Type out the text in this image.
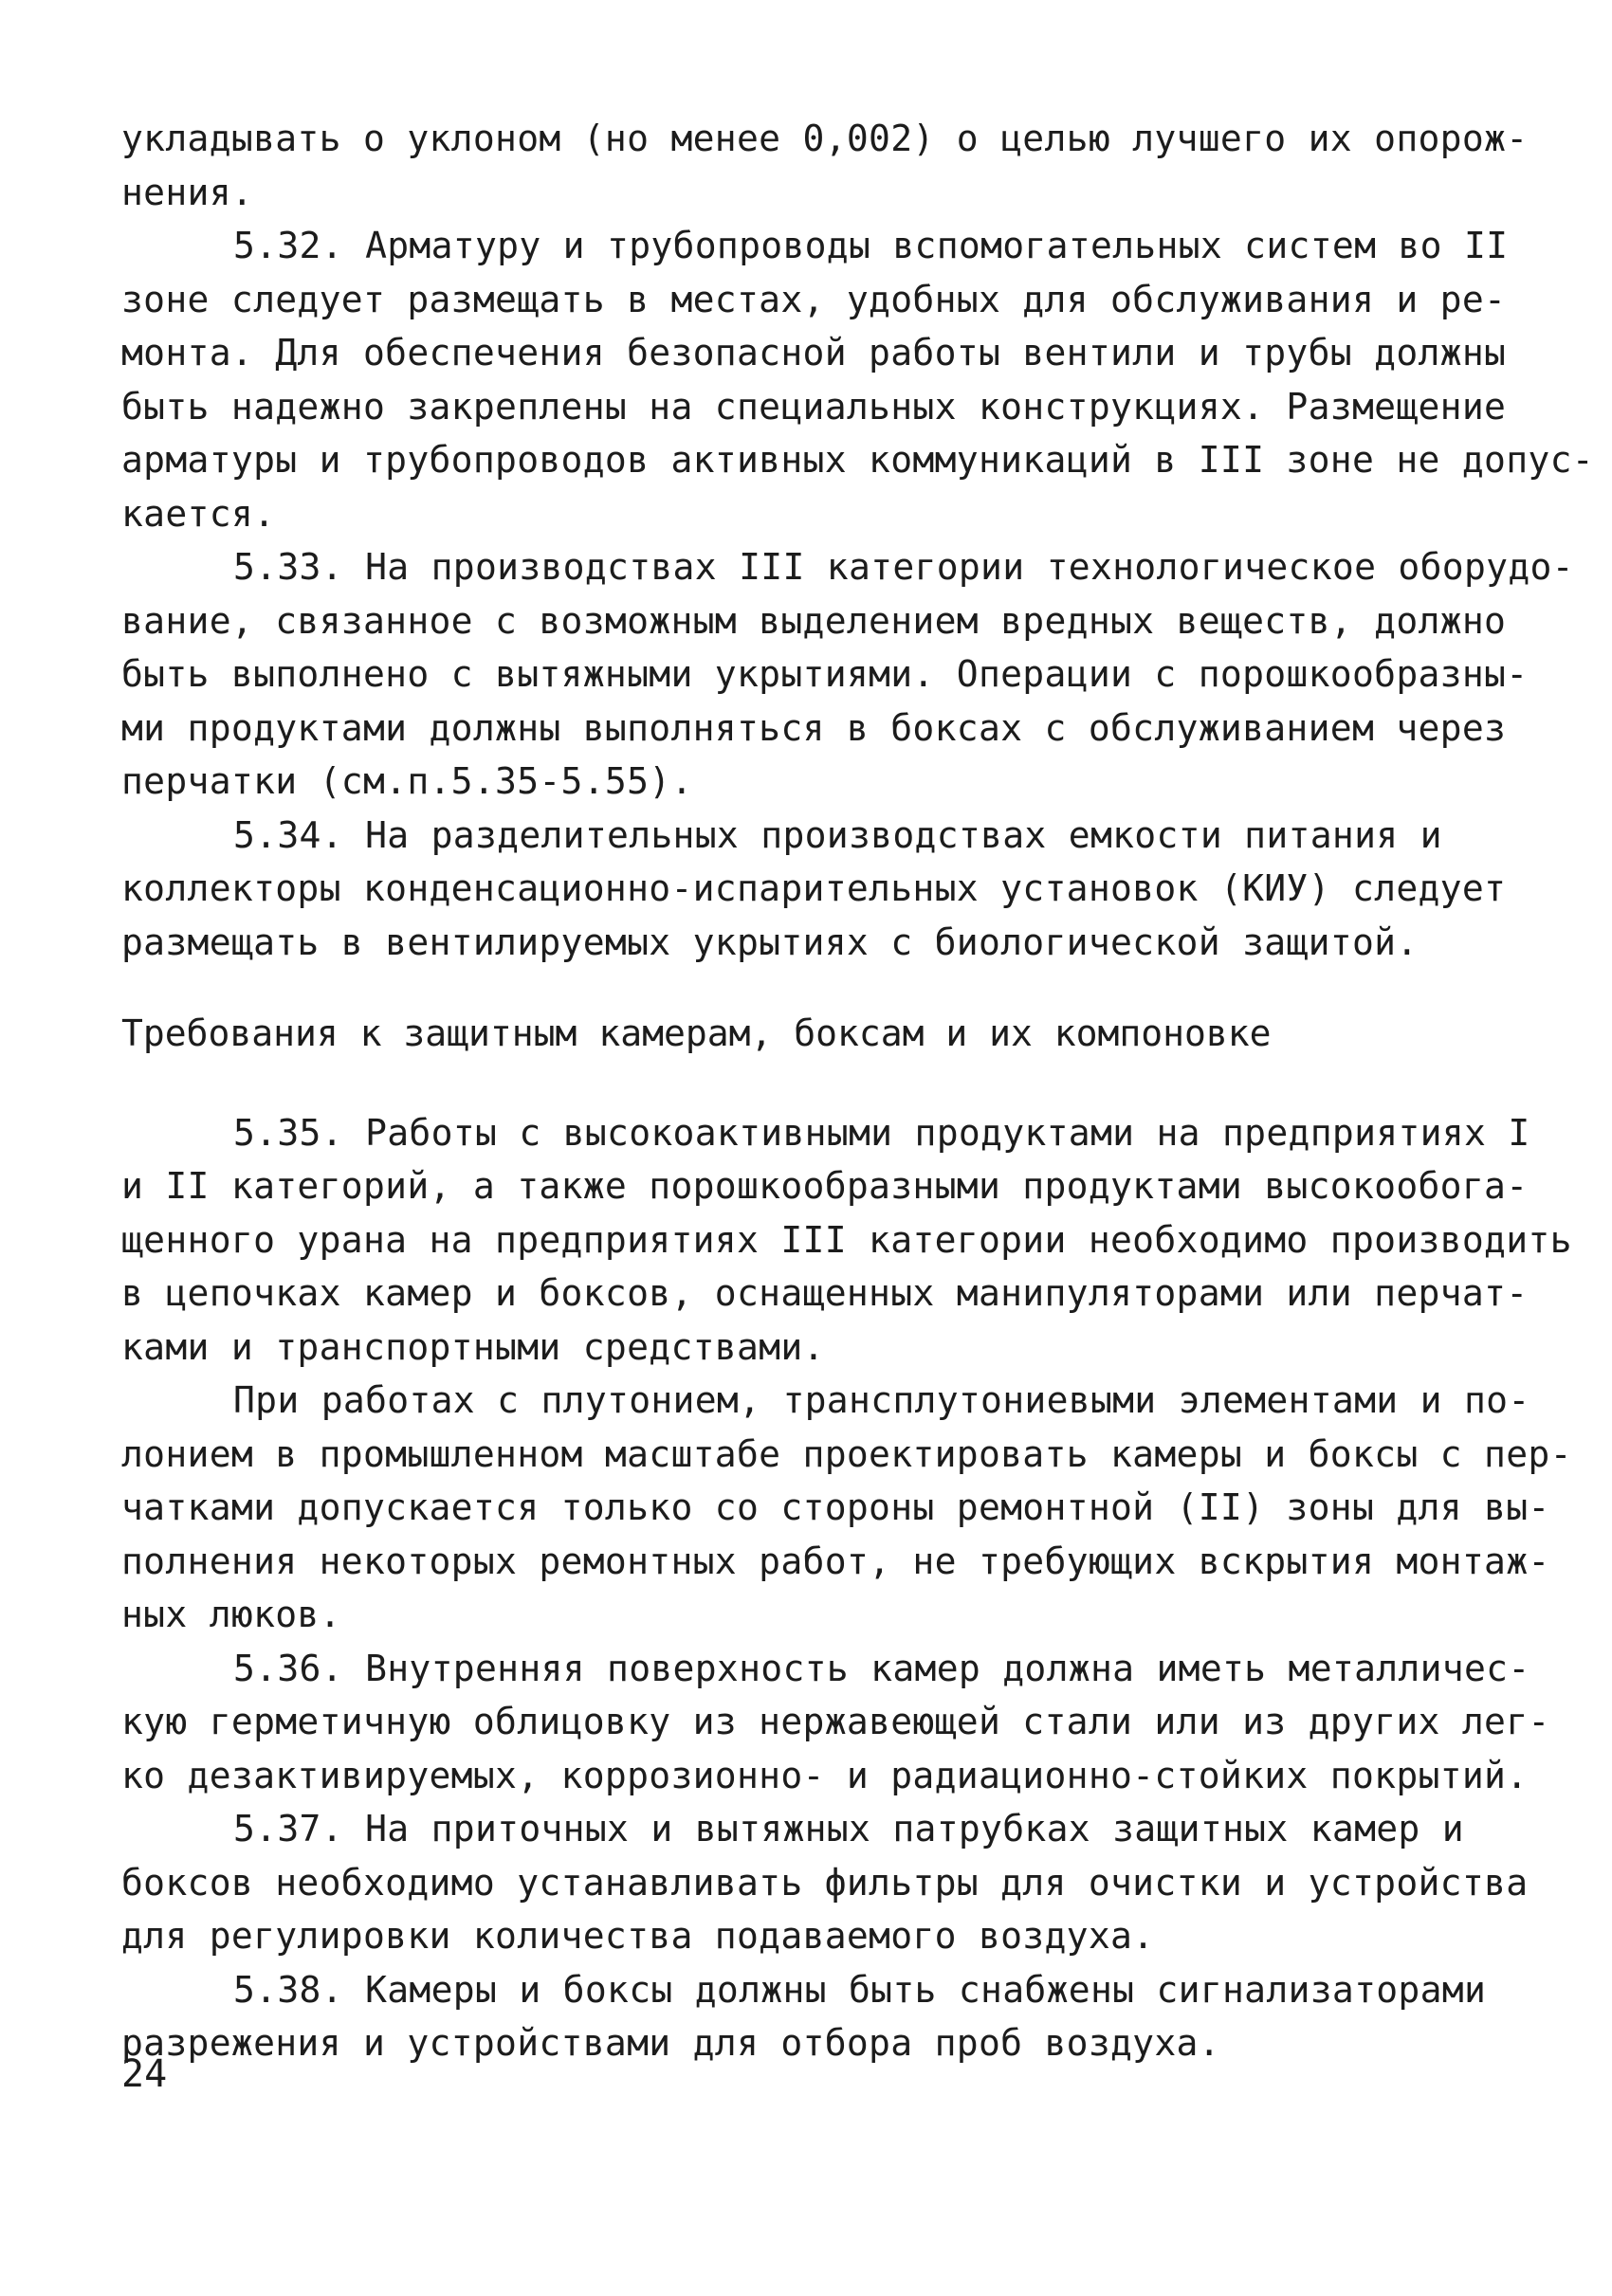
укладывать о уклоном (но менее 0,002) о целью лучшего их опорож-
нения.
5.32. Арматуру и трубопроводы вспомогательных систем во II
зоне следует размещать в местах, удобных для обслуживания и ре-
монта. Для обеспечения безопасной работы вентили и трубы должны
быть надежно закреплены на специальных конструкциях. Размещение
арматуры и трубопроводов активных коммуникаций в III зоне не допус-
кается.
5.33. На производствах III категории технологическое оборудо-
вание, связанное с возможным выделением вредных веществ, должно
быть выполнено с вытяжными укрытиями. Операции с порошкообразны-
ми продуктами должны выполняться в боксах с обслуживанием через
перчатки (см.п.5.35-5.55).
5.34. На разделительных производствах емкости питания и
коллекторы конденсационно-испарительных установок (КИУ) следует
размещать в вентилируемых укрытиях с биологической защитой.
Требования к защитным камерам, боксам и их компоновке
5.35. Работы с высокоактивными продуктами на предприятиях I
и II категорий, а также порошкообразными продуктами высокообога-
щенного урана на предприятиях III категории необходимо производить
в цепочках камер и боксов, оснащенных манипуляторами или перчат-
ками и транспортными средствами.
При работах с плутонием, трансплутониевыми элементами и по-
лонием в промышленном масштабе проектировать камеры и боксы с пер-
чатками допускается только со стороны ремонтной (II) зоны для вы-
полнения некоторых ремонтных работ, не требующих вскрытия монтаж-
ных люков.
5.36. Внутренняя поверхность камер должна иметь металличес-
кую герметичную облицовку из нержавеющей стали или из других лег-
ко дезактивируемых, коррозионно- и радиационно-стойких покрытий.
5.37. На приточных и вытяжных патрубках защитных камер и
боксов необходимо устанавливать фильтры для очистки и устройства
для регулировки количества подаваемого воздуха.
5.38. Камеры и боксы должны быть снабжены сигнализаторами
разрежения и устройствами для отбора проб воздуха.
24
